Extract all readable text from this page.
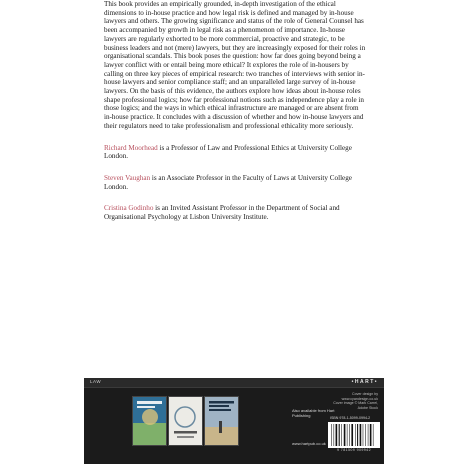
This book provides an empirically grounded, in-depth investigation of the ethical dimensions to in-house practice and how legal risk is defined and managed by in-house lawyers and others. The growing significance and status of the role of General Counsel has been accompanied by growth in legal risk as a phenomenon of importance. In-house lawyers are regularly exhorted to be more commercial, proactive and strategic, to be business leaders and not (mere) lawyers, but they are increasingly exposed for their roles in organisational scandals. This book poses the question: how far does going beyond being a lawyer conflict with or entail being more ethical? It explores the role of in-housers by calling on three key pieces of empirical research: two tranches of interviews with senior in-house lawyers and senior compliance staff; and an unparalleled large survey of in-house lawyers. On the basis of this evidence, the authors explore how ideas about in-house roles shape professional logics; how far professional notions such as independence play a role in those logics; and the ways in which ethical infrastructure are managed or are absent from in-house practice. It concludes with a discussion of whether and how in-house lawyers and their regulators need to take professionalism and professional ethicality more seriously.

Richard Moorhead is a Professor of Law and Professional Ethics at University College London.

Steven Vaughan is an Associate Professor in the Faculty of Laws at University College London.

Cristina Godinho is an Invited Assistant Professor in the Department of Social and Organisational Psychology at Lisbon University Institute.

LAW	•HART•
Also available from Hart Publishing
www.hartpub.co.uk
Cover design by www.cyandesign.co.uk
Cover image © Mark Carrel, Adobe Stock
ISBN 978-1-5099-0994-2
9 781509 909942
